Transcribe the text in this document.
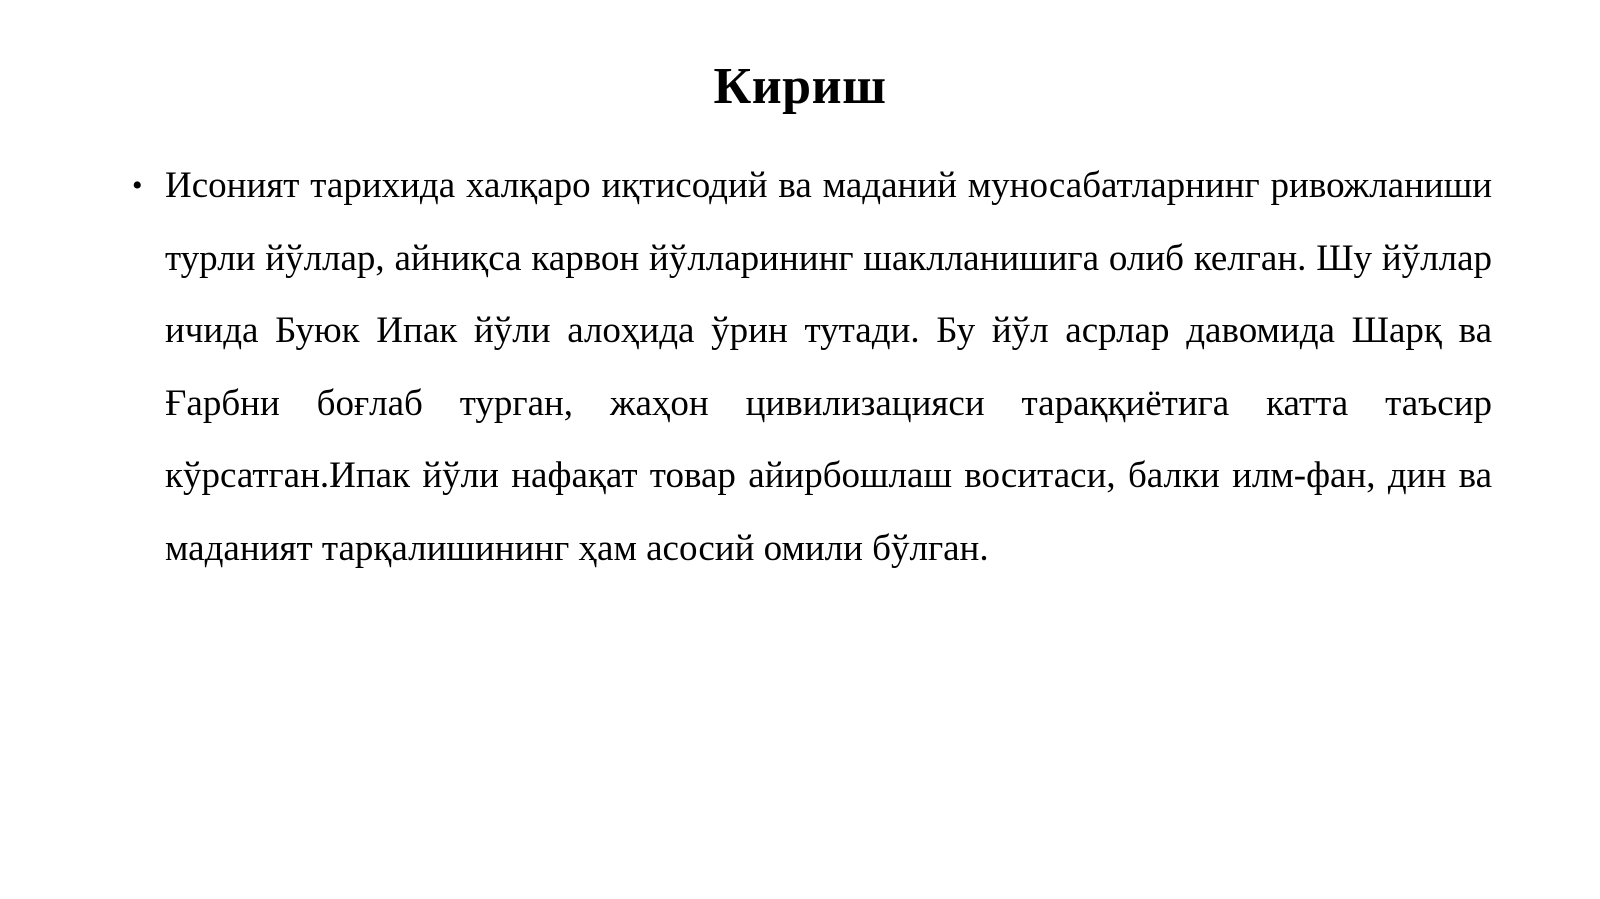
Кириш
• Исоният тарихида халқаро иқтисодий ва маданий муносабатларнинг ривожланиши турли йўллар, айниқса карвон йўлларининг шаклланишига олиб келган. Шу йўллар ичида Буюк Ипак йўли алоҳида ўрин тутади. Бу йўл асрлар давомида Шарқ ва Ғарбни боғлаб турган, жаҳон цивилизацияси тараққиётига катта таъсир кўрсатган.Ипак йўли нафақат товар айирбошлаш воситаси, балки илм-фан, дин ва маданият тарқалишининг ҳам асосий омили бўлган.
